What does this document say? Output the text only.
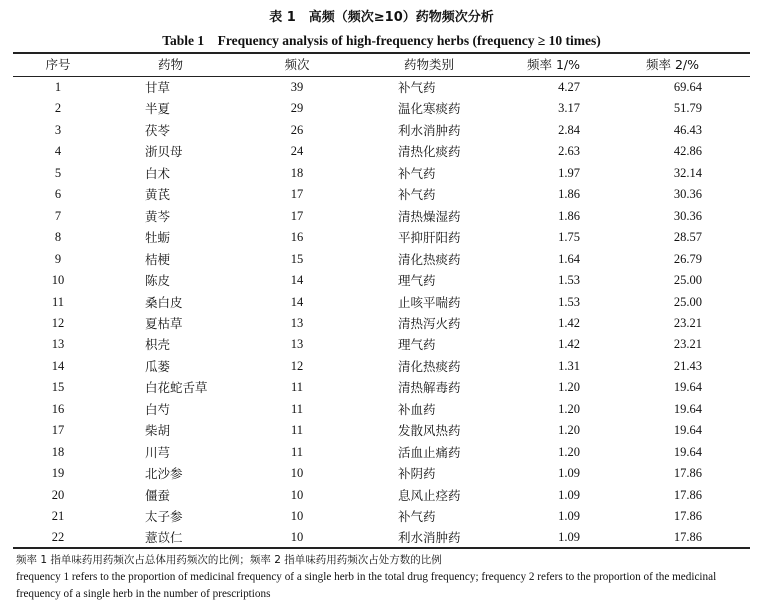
表 1　高频（频次≥10）药物频次分析
Table 1　Frequency analysis of high-frequency herbs (frequency ≥ 10 times)
序号	药物	频次	药物类别	频率 1/%	频率 2/%
1	甘草	39	补气药	4.27	69.64
2	半夏	29	温化寒痰药	3.17	51.79
3	茯苓	26	利水消肿药	2.84	46.43
4	浙贝母	24	清热化痰药	2.63	42.86
5	白术	18	补气药	1.97	32.14
6	黄芪	17	补气药	1.86	30.36
7	黄芩	17	清热燥湿药	1.86	30.36
8	牡蛎	16	平抑肝阳药	1.75	28.57
9	桔梗	15	清化热痰药	1.64	26.79
10	陈皮	14	理气药	1.53	25.00
11	桑白皮	14	止咳平喘药	1.53	25.00
12	夏枯草	13	清热泻火药	1.42	23.21
13	枳壳	13	理气药	1.42	23.21
14	瓜蒌	12	清化热痰药	1.31	21.43
15	白花蛇舌草	11	清热解毒药	1.20	19.64
16	白芍	11	补血药	1.20	19.64
17	柴胡	11	发散风热药	1.20	19.64
18	川芎	11	活血止痛药	1.20	19.64
19	北沙参	10	补阴药	1.09	17.86
20	僵蚕	10	息风止痉药	1.09	17.86
21	太子参	10	补气药	1.09	17.86
22	薏苡仁	10	利水消肿药	1.09	17.86
频率 1 指单味药用药频次占总体用药频次的比例；频率 2 指单味药用药频次占处方数的比例
frequency 1 refers to the proportion of medicinal frequency of a single herb in the total drug frequency; frequency 2 refers to the proportion of the medicinal frequency of a single herb in the number of prescriptions
